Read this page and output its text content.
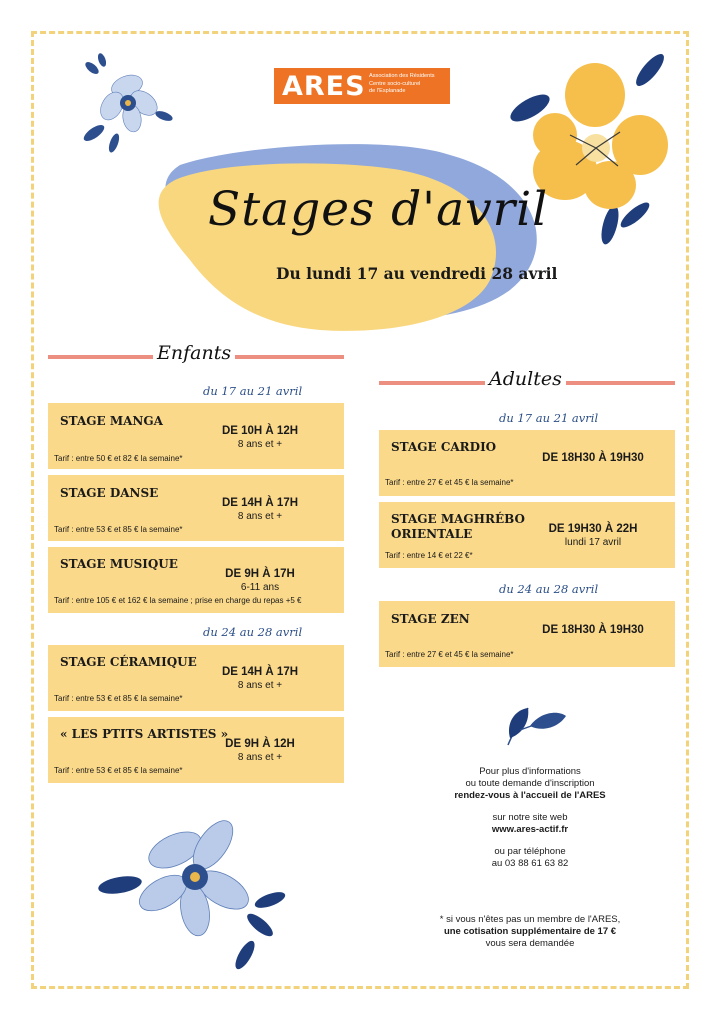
ARES Association des Résidents
Centre socio-culturel
de l'Esplanade
Stages d'avril
Du lundi 17 au vendredi 28 avril
Enfants
du 17 au 21 avril
STAGE MANGA
DE 10H À 12H
8 ans et +
Tarif : entre 50 € et 82 € la semaine*
STAGE DANSE
DE 14H À 17H
8 ans et +
Tarif : entre 53 € et 85 € la semaine*
STAGE MUSIQUE
DE 9H À 17H
6-11 ans
Tarif : entre 105 € et 162 € la semaine ; prise en charge du repas +5 €
du 24 au 28 avril
STAGE CÉRAMIQUE
DE 14H À 17H
8 ans et +
Tarif : entre 53 € et 85 € la semaine*
« LES PTITS ARTISTES »
DE 9H À 12H
8 ans et +
Tarif : entre 53 € et 85 € la semaine*
Adultes
du 17 au 21 avril
STAGE CARDIO
DE 18H30 À 19H30
Tarif : entre 27 € et 45 € la semaine*
STAGE MAGHRÉBO
ORIENTALE	DE 19H30 À 22H
lundi 17 avril
Tarif : entre 14 € et 22 €*
du 24 au 28 avril
STAGE ZEN
DE 18H30 À 19H30
Tarif : entre 27 € et 45 € la semaine*
Pour plus d'informations
ou toute demande d'inscription
rendez-vous à l'accueil de l'ARES
sur notre site web
www.ares-actif.fr
ou par téléphone
au 03 88 61 63 82
* si vous n'êtes pas un membre de l'ARES,
une cotisation supplémentaire de 17 €
vous sera demandée
